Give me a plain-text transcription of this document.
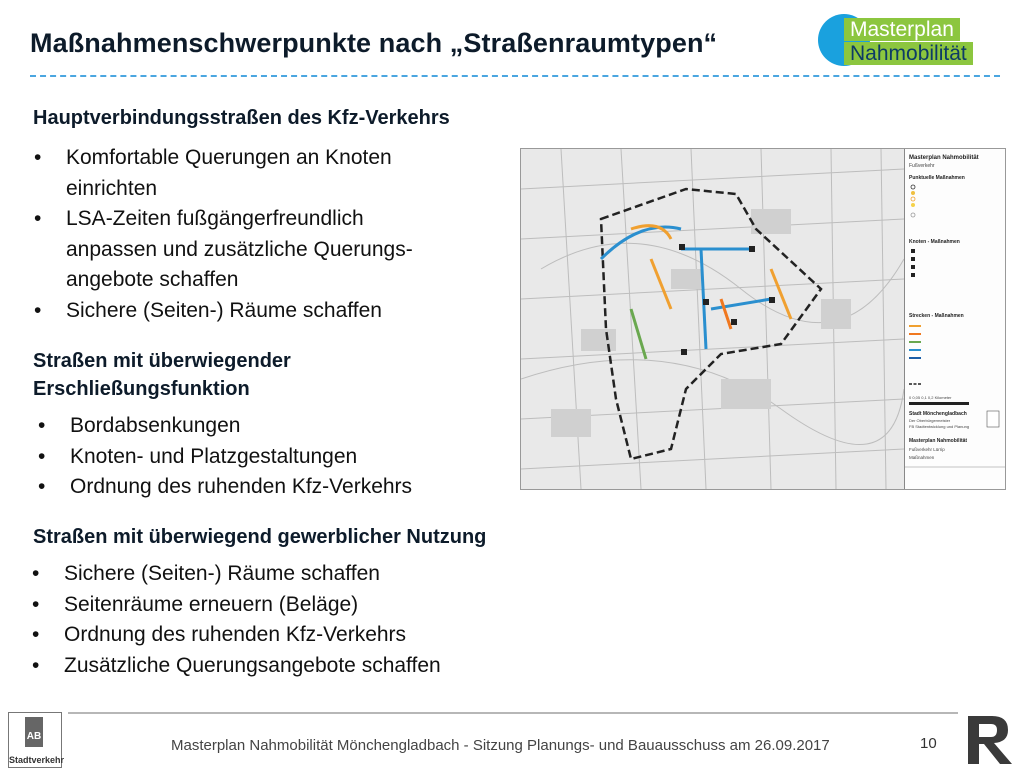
Maßnahmenschwerpunkte nach „Straßenraumtypen“	Masterplan
Nahmobilität
Hauptverbindungsstraßen des Kfz-Verkehrs
• Komfortable Querungen an Knoten
einrichten
• LSA-Zeiten fußgängerfreundlich
anpassen und zusätzliche Querungs-
angebote schaffen
• Sichere (Seiten-) Räume schaffen
Straßen mit überwiegender
Erschließungsfunktion
• Bordabsenkungen
• Knoten- und Platzgestaltungen
• Ordnung des ruhenden Kfz-Verkehrs
Straßen mit überwiegend gewerblicher Nutzung
• Sichere (Seiten-) Räume schaffen
• Seitenräume erneuern (Beläge)
• Ordnung des ruhenden Kfz-Verkehrs
• Zusätzliche Querungsangebote schaffen
Masterplan Nahmobilität
Fußverkehr
Punktuelle Maßnahmen
Knoten - Maßnahmen
Strecken - Maßnahmen
0 0,05 0,1 0,2 Kilometer
Stadt Mönchengladbach
Der Oberbürgermeister
FB Stadtentwicklung und Planung
Masterplan Nahmobilität
Fußverkehr Lürrip
Maßnahmen
AB
Stadtverkehr
Masterplan Nahmobilität Mönchengladbach - Sitzung Planungs- und Bauausschuss am 26.09.2017	10
